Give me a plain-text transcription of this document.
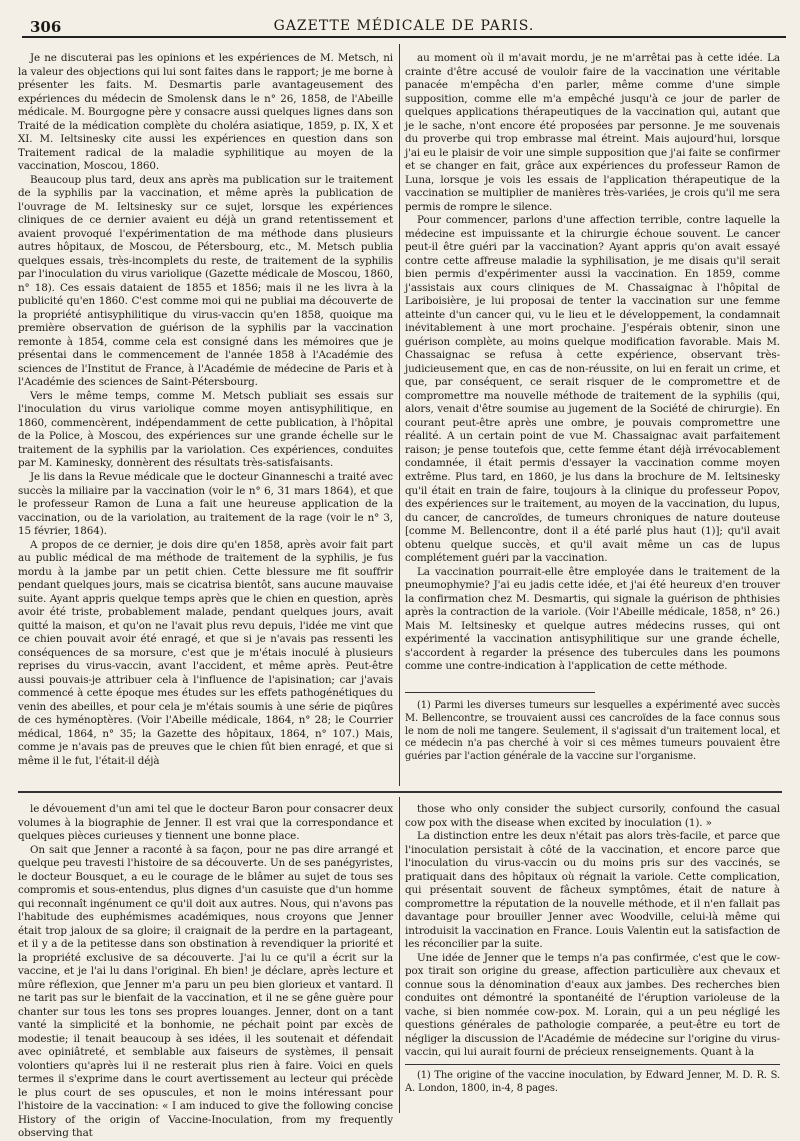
306	GAZETTE MÉDICALE DE PARIS.

Je ne discuterai pas les opinions et les expériences de M. Metsch, ni la valeur des objections qui lui sont faites dans le rapport; je me borne à présenter les faits. M. Desmartis parle avantageusement des expériences du médecin de Smolensk dans le n° 26, 1858, de l'Abeille médicale. M. Bourgogne père y consacre aussi quelques lignes dans son Traité de la médication complète du choléra asiatique, 1859, p. IX, X et XI. M. Ieltsinesky cite aussi les expériences en question dans son Traitement radical de la maladie syphilitique au moyen de la vaccination, Moscou, 1860.

Beaucoup plus tard, deux ans après ma publication sur le traitement de la syphilis par la vaccination, et même après la publication de l'ouvrage de M. Ieltsinesky sur ce sujet, lorsque les expériences cliniques de ce dernier avaient eu déjà un grand retentissement et avaient provoqué l'expérimentation de ma méthode dans plusieurs autres hôpitaux, de Moscou, de Pétersbourg, etc., M. Metsch publia quelques essais, très-incomplets du reste, de traitement de la syphilis par l'inoculation du virus variolique (Gazette médicale de Moscou, 1860, n° 18). Ces essais dataient de 1855 et 1856; mais il ne les livra à la publicité qu'en 1860. C'est comme moi qui ne publiai ma découverte de la propriété antisyphilitique du virus-vaccin qu'en 1858, quoique ma première observation de guérison de la syphilis par la vaccination remonte à 1854, comme cela est consigné dans les mémoires que je présentai dans le commencement de l'année 1858 à l'Académie des sciences de l'Institut de France, à l'Académie de médecine de Paris et à l'Académie des sciences de Saint-Pétersbourg.

Vers le même temps, comme M. Metsch publiait ses essais sur l'inoculation du virus variolique comme moyen antisyphilitique, en 1860, commencèrent, indépendamment de cette publication, à l'hôpital de la Police, à Moscou, des expériences sur une grande échelle sur le traitement de la syphilis par la variolation. Ces expériences, conduites par M. Kaminesky, donnèrent des résultats très-satisfaisants.

Je lis dans la Revue médicale que le docteur Ginanneschi a traité avec succès la miliaire par la vaccination (voir le n° 6, 31 mars 1864), et que le professeur Ramon de Luna a fait une heureuse application de la vaccination, ou de la variolation, au traitement de la rage (voir le n° 3, 15 février, 1864).

A propos de ce dernier, je dois dire qu'en 1858, après avoir fait part au public médical de ma méthode de traitement de la syphilis, je fus mordu à la jambe par un petit chien. Cette blessure me fit souffrir pendant quelques jours, mais se cicatrisa bientôt, sans aucune mauvaise suite. Ayant appris quelque temps après que le chien en question, après avoir été triste, probablement malade, pendant quelques jours, avait quitté la maison, et qu'on ne l'avait plus revu depuis, l'idée me vint que ce chien pouvait avoir été enragé, et que si je n'avais pas ressenti les conséquences de sa morsure, c'est que je m'étais inoculé à plusieurs reprises du virus-vaccin, avant l'accident, et même après. Peut-être aussi pouvais-je attribuer cela à l'influence de l'apisination; car j'avais commencé à cette époque mes études sur les effets pathogénétiques du venin des abeilles, et pour cela je m'étais soumis à une série de piqûres de ces hyménoptères. (Voir l'Abeille médicale, 1864, n° 28; le Courrier médical, 1864, n° 35; la Gazette des hôpitaux, 1864, n° 107.) Mais, comme je n'avais pas de preuves que le chien fût bien enragé, et que si même il le fut, l'était-il déjà

au moment où il m'avait mordu, je ne m'arrêtai pas à cette idée. La crainte d'être accusé de vouloir faire de la vaccination une véritable panacée m'empêcha d'en parler, même comme d'une simple supposition, comme elle m'a empêché jusqu'à ce jour de parler de quelques applications thérapeutiques de la vaccination qui, autant que je le sache, n'ont encore été proposées par personne. Je me souvenais du proverbe qui trop embrasse mal étreint. Mais aujourd'hui, lorsque j'ai eu le plaisir de voir une simple supposition que j'ai faite se confirmer et se changer en fait, grâce aux expériences du professeur Ramon de Luna, lorsque je vois les essais de l'application thérapeutique de la vaccination se multiplier de manières très-variées, je crois qu'il me sera permis de rompre le silence.

Pour commencer, parlons d'une affection terrible, contre laquelle la médecine est impuissante et la chirurgie échoue souvent. Le cancer peut-il être guéri par la vaccination? Ayant appris qu'on avait essayé contre cette affreuse maladie la syphilisation, je me disais qu'il serait bien permis d'expérimenter aussi la vaccination. En 1859, comme j'assistais aux cours cliniques de M. Chassaignac à l'hôpital de Lariboisière, je lui proposai de tenter la vaccination sur une femme atteinte d'un cancer qui, vu le lieu et le développement, la condamnait inévitablement à une mort prochaine. J'espérais obtenir, sinon une guérison complète, au moins quelque modification favorable. Mais M. Chassaignac se refusa à cette expérience, observant très-judicieusement que, en cas de non-réussite, on lui en ferait un crime, et que, par conséquent, ce serait risquer de le compromettre et de compromettre ma nouvelle méthode de traitement de la syphilis (qui, alors, venait d'être soumise au jugement de la Société de chirurgie). En courant peut-être après une ombre, je pouvais compromettre une réalité. A un certain point de vue M. Chassaignac avait parfaitement raison; je pense toutefois que, cette femme étant déjà irrévocablement condamnée, il était permis d'essayer la vaccination comme moyen extrême. Plus tard, en 1860, je lus dans la brochure de M. Ieltsinesky qu'il était en train de faire, toujours à la clinique du professeur Popov, des expériences sur le traitement, au moyen de la vaccination, du lupus, du cancer, de cancroïdes, de tumeurs chroniques de nature douteuse [comme M. Bellencontre, dont il a été parlé plus haut (1)]; qu'il avait obtenu quelque succès, et qu'il avait même un cas de lupus complétement guéri par la vaccination.

La vaccination pourrait-elle être employée dans le traitement de la pneumophymie? J'ai eu jadis cette idée, et j'ai été heureux d'en trouver la confirmation chez M. Desmartis, qui signale la guérison de phthisies après la contraction de la variole. (Voir l'Abeille médicale, 1858, n° 26.) Mais M. Ieltsinesky et quelque autres médecins russes, qui ont expérimenté la vaccination antisyphilitique sur une grande échelle, s'accordent à regarder la présence des tubercules dans les poumons comme une contre-indication à l'application de cette méthode.

(1) Parmi les diverses tumeurs sur lesquelles a expérimenté avec succès M. Bellencontre, se trouvaient aussi ces cancroïdes de la face connus sous le nom de noli me tangere. Seulement, il s'agissait d'un traitement local, et ce médecin n'a pas cherché à voir si ces mêmes tumeurs pouvaient être guéries par l'action générale de la vaccine sur l'organisme.

le dévouement d'un ami tel que le docteur Baron pour consacrer deux volumes à la biographie de Jenner. Il est vrai que la correspondance et quelques pièces curieuses y tiennent une bonne place.

On sait que Jenner a raconté à sa façon, pour ne pas dire arrangé et quelque peu travesti l'histoire de sa découverte. Un de ses panégyristes, le docteur Bousquet, a eu le courage de le blâmer au sujet de tous ses compromis et sous-entendus, plus dignes d'un casuiste que d'un homme qui reconnaît ingénument ce qu'il doit aux autres. Nous, qui n'avons pas l'habitude des euphémismes académiques, nous croyons que Jenner était trop jaloux de sa gloire; il craignait de la perdre en la partageant, et il y a de la petitesse dans son obstination à revendiquer la priorité et la propriété exclusive de sa découverte. J'ai lu ce qu'il a écrit sur la vaccine, et je l'ai lu dans l'original. Eh bien! je déclare, après lecture et mûre réflexion, que Jenner m'a paru un peu bien glorieux et vantard. Il ne tarit pas sur le bienfait de la vaccination, et il ne se gêne guère pour chanter sur tous les tons ses propres louanges. Jenner, dont on a tant vanté la simplicité et la bonhomie, ne péchait point par excès de modestie; il tenait beaucoup à ses idées, il les soutenait et défendait avec opiniâtreté, et semblable aux faiseurs de systèmes, il pensait volontiers qu'après lui il ne resterait plus rien à faire. Voici en quels termes il s'exprime dans le court avertissement au lecteur qui précède le plus court de ses opuscules, et non le moins intéressant pour l'histoire de la vaccination: « I am induced to give the following concise History of the origin of Vaccine-Inoculation, from my frequently observing that

those who only consider the subject cursorily, confound the casual cow pox with the disease when excited by inoculation (1). »

La distinction entre les deux n'était pas alors très-facile, et parce que l'inoculation persistait à côté de la vaccination, et encore parce que l'inoculation du virus-vaccin ou du moins pris sur des vaccinés, se pratiquait dans des hôpitaux où régnait la variole. Cette complication, qui présentait souvent de fâcheux symptômes, était de nature à compromettre la réputation de la nouvelle méthode, et il n'en fallait pas davantage pour brouiller Jenner avec Woodville, celui-là même qui introduisit la vaccination en France. Louis Valentin eut la satisfaction de les réconcilier par la suite.

Une idée de Jenner que le temps n'a pas confirmée, c'est que le cow-pox tirait son origine du grease, affection particulière aux chevaux et connue sous la dénomination d'eaux aux jambes. Des recherches bien conduites ont démontré la spontanéité de l'éruption varioleuse de la vache, si bien nommée cow-pox. M. Lorain, qui a un peu négligé les questions générales de pathologie comparée, a peut-être eu tort de négliger la discussion de l'Académie de médecine sur l'origine du virus-vaccin, qui lui aurait fourni de précieux renseignements. Quant à la

(1) The origine of the vaccine inoculation, by Edward Jenner, M. D. R. S. A. London, 1800, in-4, 8 pages.
